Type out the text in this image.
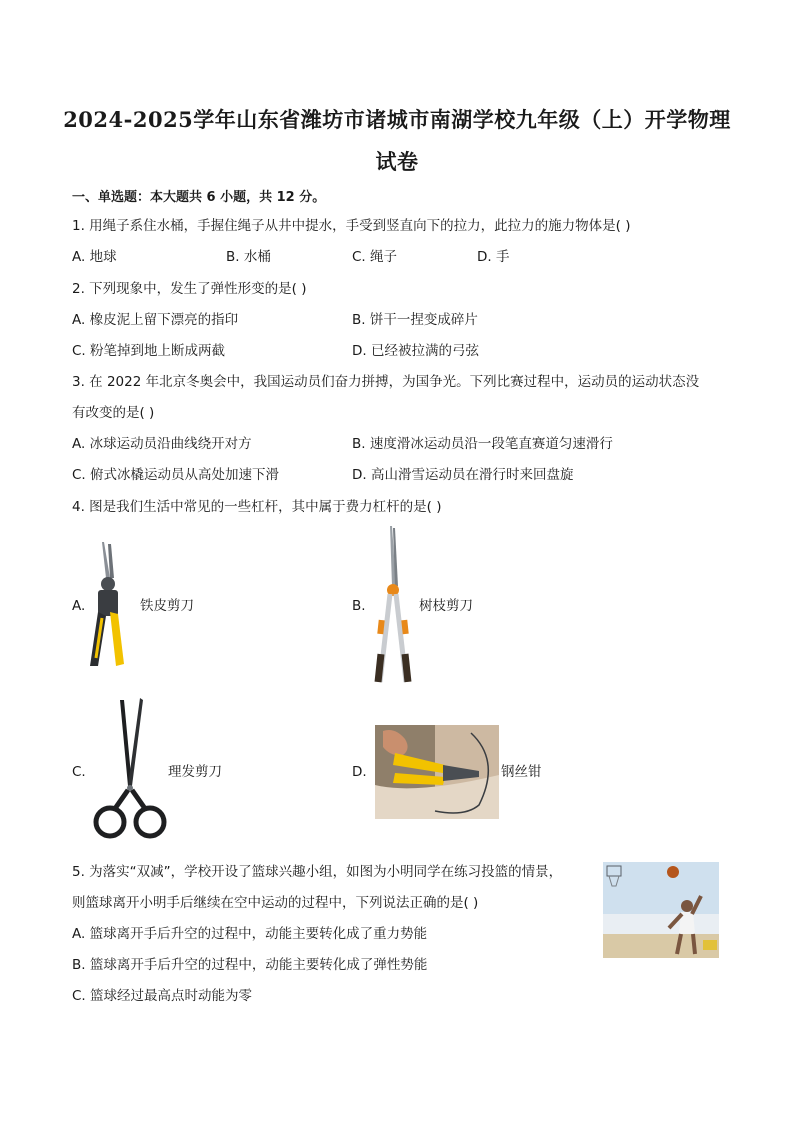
2024-2025学年山东省潍坊市诸城市南湖学校九年级（上）开学物理
试卷
一、单选题：本大题共 6 小题，共 12 分。
1. 用绳子系住水桶，手握住绳子从井中提水，手受到竖直向下的拉力，此拉力的施力物体是( )
A. 地球	B. 水桶	C. 绳子	D. 手
2. 下列现象中，发生了弹性形变的是( )
A. 橡皮泥上留下漂亮的指印	B. 饼干一捏变成碎片
C. 粉笔掉到地上断成两截	D. 已经被拉满的弓弦
3. 在 2022 年北京冬奥会中，我国运动员们奋力拼搏，为国争光。下列比赛过程中，运动员的运动状态没
有改变的是( )
A. 冰球运动员沿曲线绕开对方	B. 速度滑冰运动员沿一段笔直赛道匀速滑行
C. 俯式冰橇运动员从高处加速下滑	D. 高山滑雪运动员在滑行时来回盘旋
4. 图是我们生活中常见的一些杠杆，其中属于费力杠杆的是( )
A.	铁皮剪刀	B.	树枝剪刀
C.	理发剪刀	D.	钢丝钳
5. 为落实“双减”，学校开设了篮球兴趣小组，如图为小明同学在练习投篮的情景，
则篮球离开小明手后继续在空中运动的过程中，下列说法正确的是( )
A. 篮球离开手后升空的过程中，动能主要转化成了重力势能
B. 篮球离开手后升空的过程中，动能主要转化成了弹性势能
C. 篮球经过最高点时动能为零
